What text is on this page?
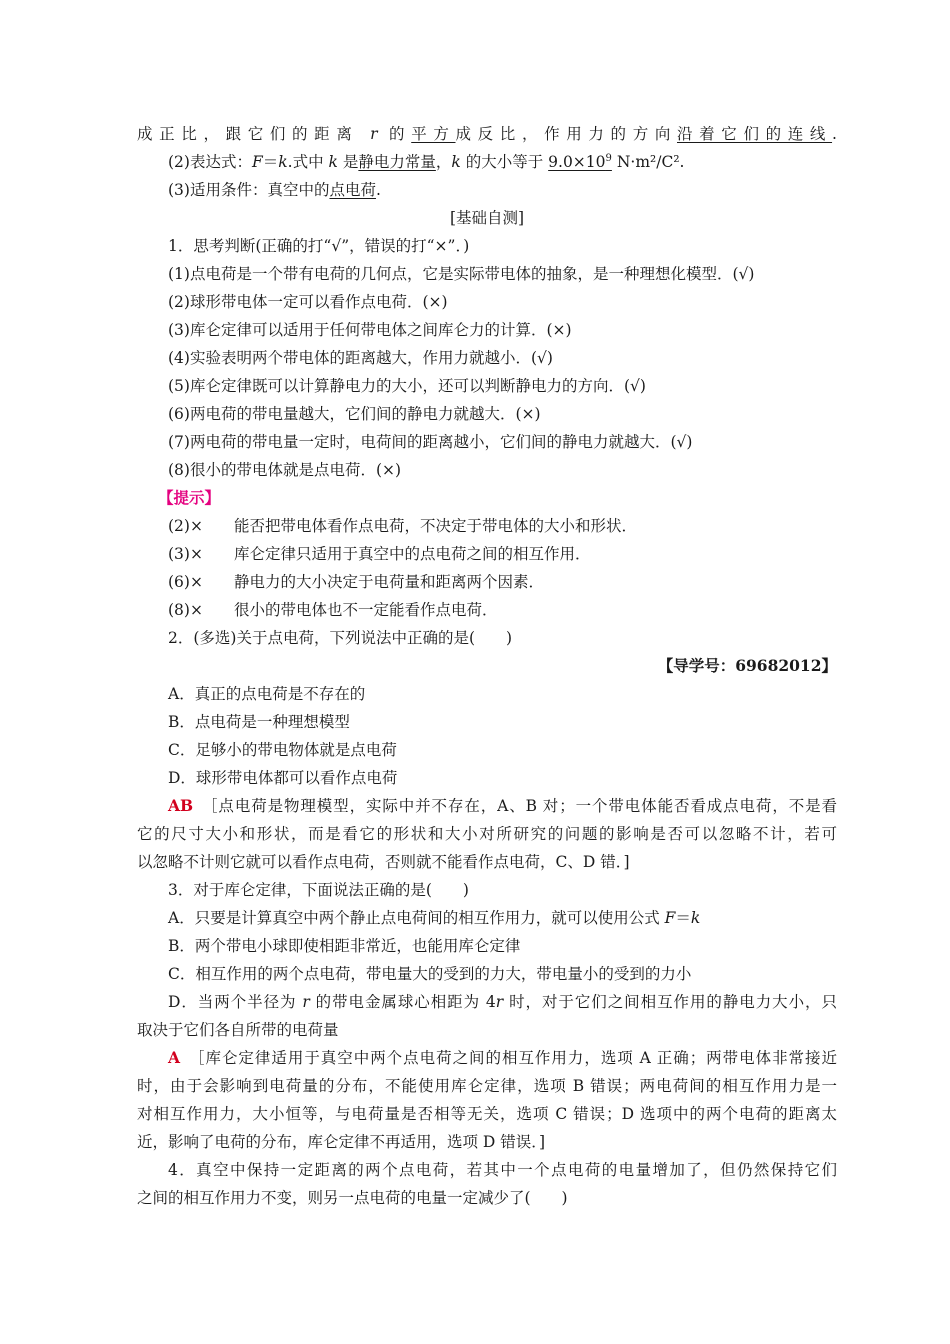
成正比，跟它们的距离 r 的平方成反比，作用力的方向沿着它们的连线.
(2)表达式：F＝k.式中 k 是静电力常量，k 的大小等于 $9.0\times 10^9$ N·m²/C².
(3)适用条件：真空中的点电荷.
[基础自测]
1．思考判断(正确的打“√”，错误的打“×”．)
(1)点电荷是一个带有电荷的几何点，它是实际带电体的抽象，是一种理想化模型．(√)
(2)球形带电体一定可以看作点电荷．(×)
(3)库仑定律可以适用于任何带电体之间库仑力的计算．(×)
(4)实验表明两个带电体的距离越大，作用力就越小．(√)
(5)库仑定律既可以计算静电力的大小，还可以判断静电力的方向．(√)
(6)两电荷的带电量越大，它们间的静电力就越大．(×)
(7)两电荷的带电量一定时，电荷间的距离越小，它们间的静电力就越大．(√)
(8)很小的带电体就是点电荷．(×)
【提示】
(2)× 能否把带电体看作点电荷，不决定于带电体的大小和形状．
(3)× 库仑定律只适用于真空中的点电荷之间的相互作用．
(6)× 静电力的大小决定于电荷量和距离两个因素．
(8)× 很小的带电体也不一定能看作点电荷．
2．(多选)关于点电荷，下列说法中正确的是(　　)
【导学号：69682012】
A．真正的点电荷是不存在的
B．点电荷是一种理想模型
C．足够小的带电物体就是点电荷
D．球形带电体都可以看作点电荷
AB ［点电荷是物理模型，实际中并不存在，A、B 对；一个带电体能否看成点电荷，不是看
它的尺寸大小和形状，而是看它的形状和大小对所研究的问题的影响是否可以忽略不计，若可
以忽略不计则它就可以看作点电荷，否则就不能看作点电荷，C、D 错．]
3．对于库仑定律，下面说法正确的是(　　)
A．只要是计算真空中两个静止点电荷间的相互作用力，就可以使用公式 F＝k
B．两个带电小球即使相距非常近，也能用库仑定律
C．相互作用的两个点电荷，带电量大的受到的力大，带电量小的受到的力小
D．当两个半径为 r 的带电金属球心相距为 4r 时，对于它们之间相互作用的静电力大小，只
取决于它们各自所带的电荷量
A ［库仑定律适用于真空中两个点电荷之间的相互作用力，选项 A 正确；两带电体非常接近
时，由于会影响到电荷量的分布，不能使用库仑定律，选项 B 错误；两电荷间的相互作用力是一
对相互作用力，大小恒等，与电荷量是否相等无关，选项 C 错误；D 选项中的两个电荷的距离太
近，影响了电荷的分布，库仑定律不再适用，选项 D 错误．]
4．真空中保持一定距离的两个点电荷，若其中一个点电荷的电量增加了，但仍然保持它们
之间的相互作用力不变，则另一点电荷的电量一定减少了(　　)
